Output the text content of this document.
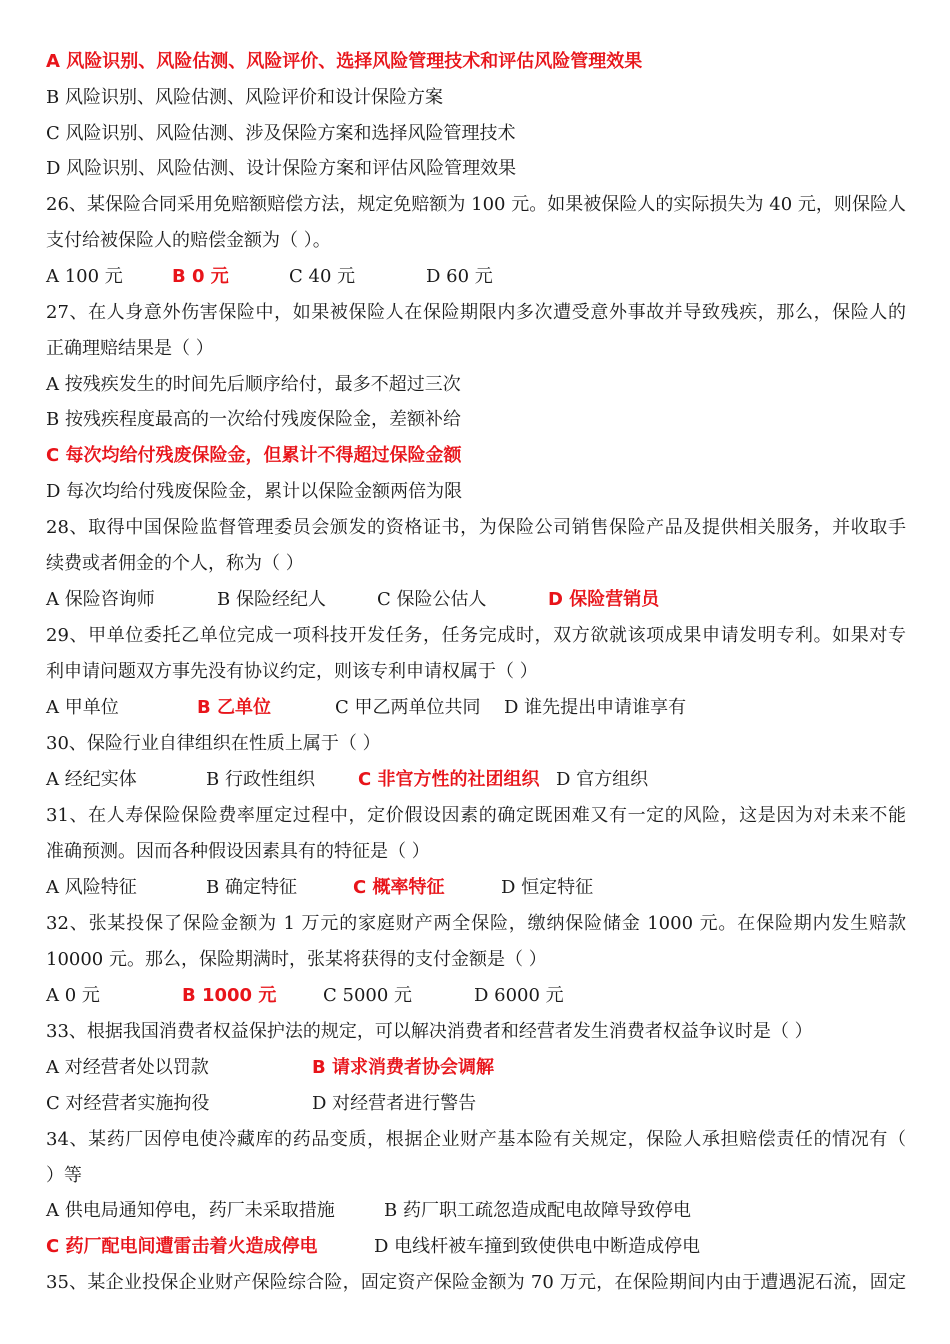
A 风险识别、风险估测、风险评价、选择风险管理技术和评估风险管理效果
B 风险识别、风险估测、风险评价和设计保险方案
C 风险识别、风险估测、涉及保险方案和选择风险管理技术
D 风险识别、风险估测、设计保险方案和评估风险管理效果
26、某保险合同采用免赔额赔偿方法，规定免赔额为 100 元。如果被保险人的实际损失为 40 元，则保险人
支付给被保险人的赔偿金额为（ ）。
A 100 元	B 0 元	C 40 元	D 60 元
27、在人身意外伤害保险中，如果被保险人在保险期限内多次遭受意外事故并导致残疾，那么，保险人的
正确理赔结果是（ ）
A 按残疾发生的时间先后顺序给付，最多不超过三次
B 按残疾程度最高的一次给付残废保险金，差额补给
C 每次均给付残废保险金，但累计不得超过保险金额
D 每次均给付残废保险金，累计以保险金额两倍为限
28、取得中国保险监督管理委员会颁发的资格证书，为保险公司销售保险产品及提供相关服务，并收取手
续费或者佣金的个人，称为（ ）
A 保险咨询师	B 保险经纪人	C 保险公估人	D 保险营销员
29、甲单位委托乙单位完成一项科技开发任务，任务完成时，双方欲就该项成果申请发明专利。如果对专
利申请问题双方事先没有协议约定，则该专利申请权属于（ ）
A 甲单位	B 乙单位	C 甲乙两单位共同 D 谁先提出申请谁享有
30、保险行业自律组织在性质上属于（ ）
A 经纪实体	B 行政性组织 C 非官方性的社团组织 D 官方组织
31、在人寿保险保险费率厘定过程中，定价假设因素的确定既困难又有一定的风险，这是因为对未来不能
准确预测。因而各种假设因素具有的特征是（ ）
A 风险特征	B 确定特征	C 概率特征	D 恒定特征
32、张某投保了保险金额为 1 万元的家庭财产两全保险，缴纳保险储金 1000 元。在保险期内发生赔款
10000 元。那么，保险期满时，张某将获得的支付金额是（ ）
A 0 元	B 1000 元	C 5000 元	D 6000 元
33、根据我国消费者权益保护法的规定，可以解决消费者和经营者发生消费者权益争议时是（ ）
A 对经营者处以罚款	B 请求消费者协会调解
C 对经营者实施拘役	D 对经营者进行警告
34、某药厂因停电使冷藏库的药品变质，根据企业财产基本险有关规定，保险人承担赔偿责任的情况有（
）等
A 供电局通知停电，药厂未采取措施	B 药厂职工疏忽造成配电故障导致停电
C 药厂配电间遭雷击着火造成停电	D 电线杆被车撞到致使供电中断造成停电
35、某企业投保企业财产保险综合险，固定资产保险金额为 70 万元，在保险期间内由于遭遇泥石流，固定
